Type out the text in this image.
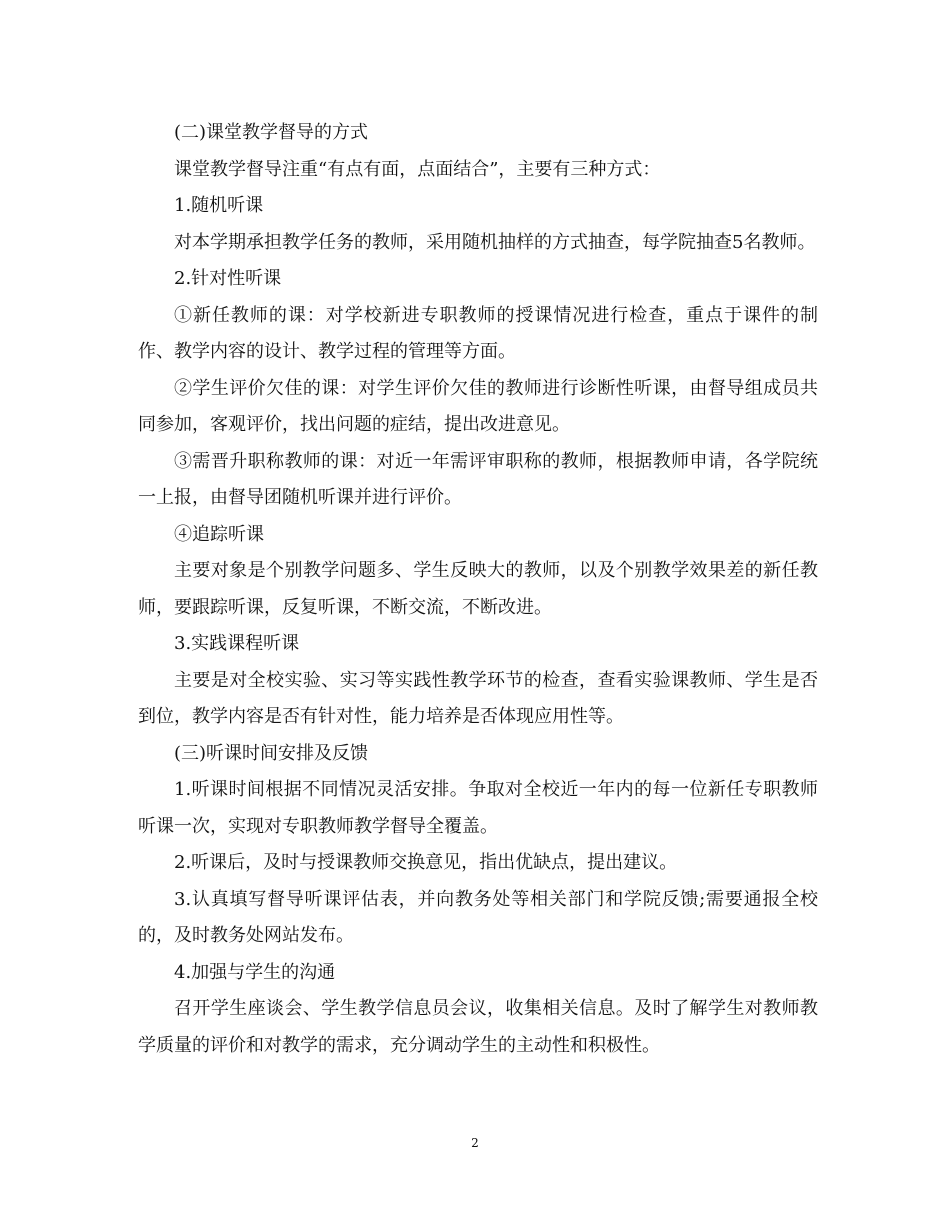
(二)课堂教学督导的方式

课堂教学督导注重“有点有面，点面结合”，主要有三种方式：

1.随机听课

对本学期承担教学任务的教师，采用随机抽样的方式抽查，每学院抽查5名教师。

2.针对性听课

①新任教师的课：对学校新进专职教师的授课情况进行检查，重点于课件的制作、教学内容的设计、教学过程的管理等方面。

②学生评价欠佳的课：对学生评价欠佳的教师进行诊断性听课，由督导组成员共同参加，客观评价，找出问题的症结，提出改进意见。

③需晋升职称教师的课：对近一年需评审职称的教师，根据教师申请，各学院统一上报，由督导团随机听课并进行评价。

④追踪听课

主要对象是个别教学问题多、学生反映大的教师，以及个别教学效果差的新任教师，要跟踪听课，反复听课，不断交流，不断改进。

3.实践课程听课

主要是对全校实验、实习等实践性教学环节的检查，查看实验课教师、学生是否到位，教学内容是否有针对性，能力培养是否体现应用性等。

(三)听课时间安排及反馈

1.听课时间根据不同情况灵活安排。争取对全校近一年内的每一位新任专职教师听课一次，实现对专职教师教学督导全覆盖。

2.听课后，及时与授课教师交换意见，指出优缺点，提出建议。

3.认真填写督导听课评估表，并向教务处等相关部门和学院反馈;需要通报全校的，及时教务处网站发布。

4.加强与学生的沟通

召开学生座谈会、学生教学信息员会议，收集相关信息。及时了解学生对教师教学质量的评价和对教学的需求，充分调动学生的主动性和积极性。

2
